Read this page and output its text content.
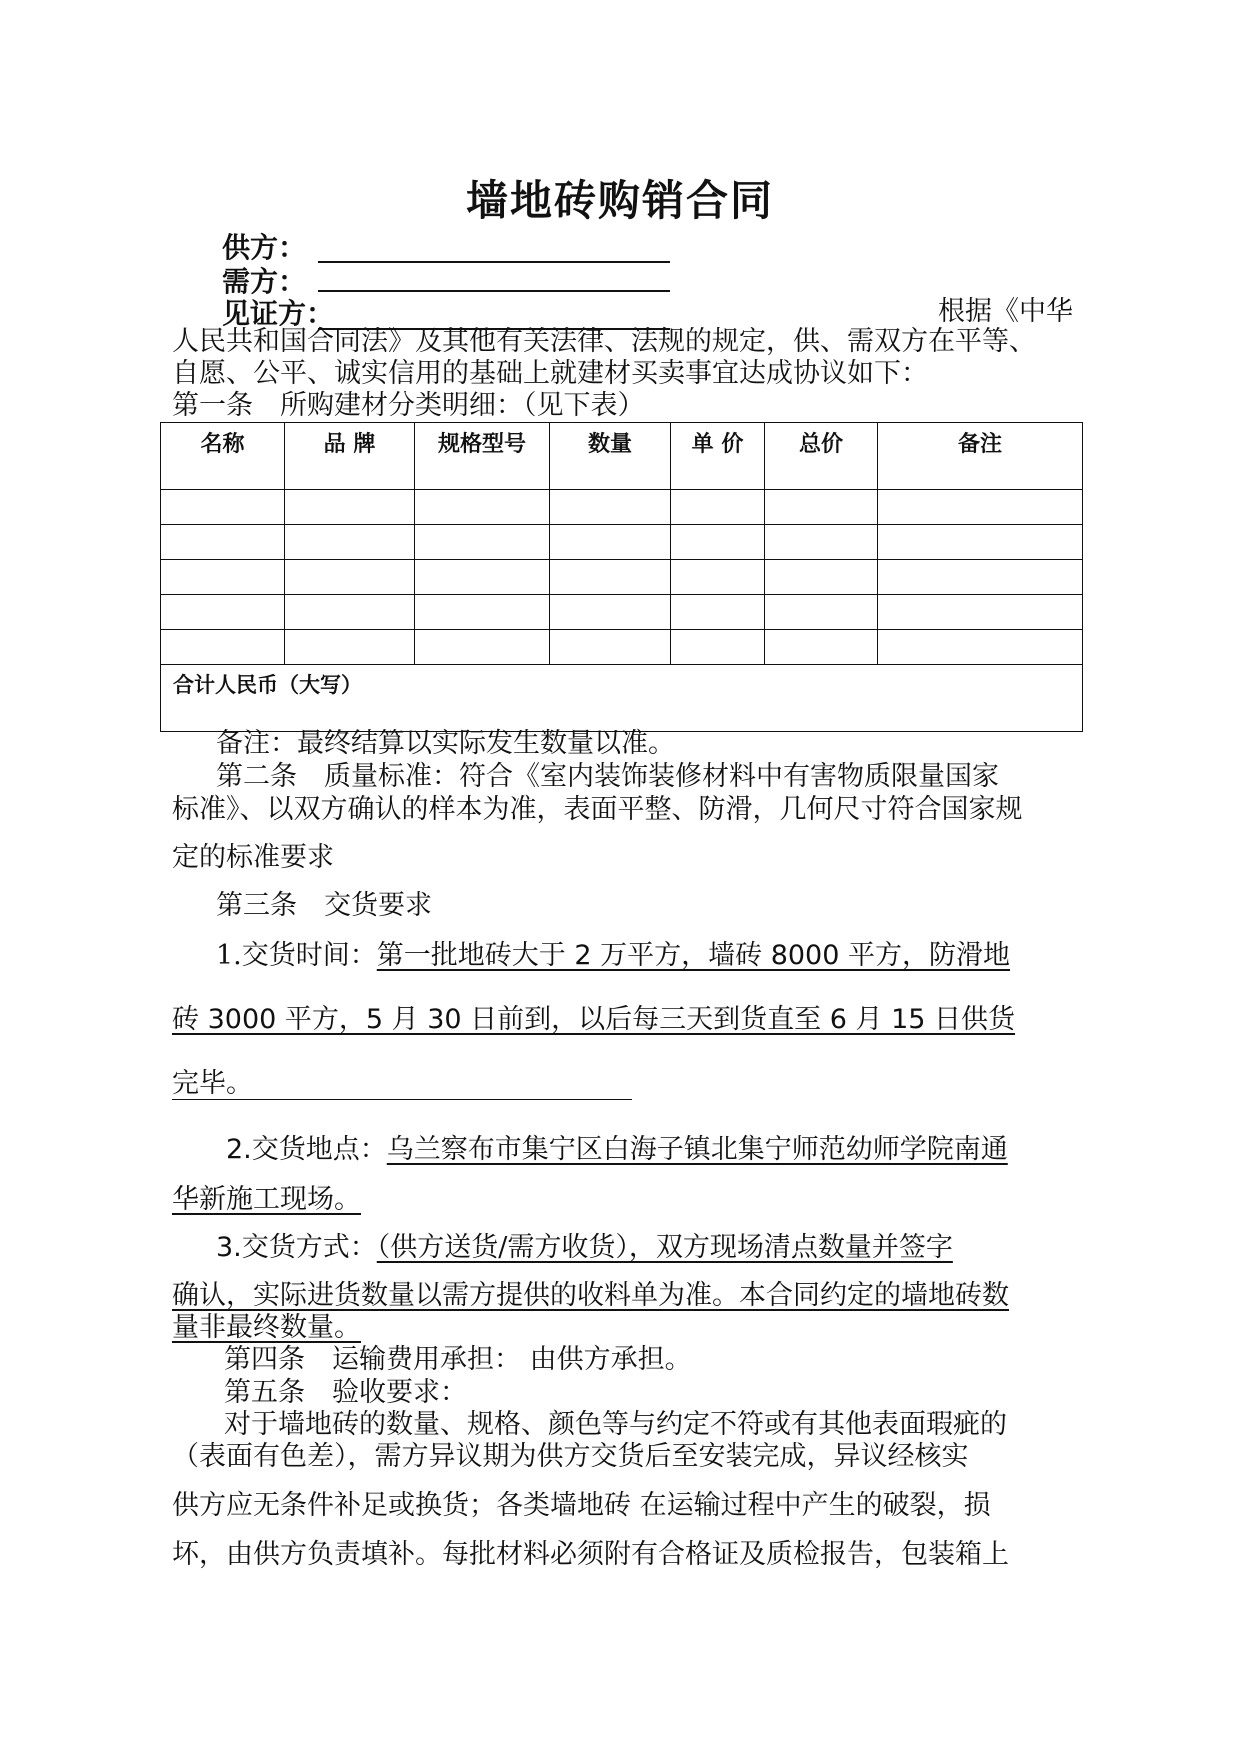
墙地砖购销合同
供方：
需方：
见证方：	根据《中华
人民共和国合同法》及其他有关法律、法规的规定，供、需双方在平等、
自愿、公平、诚实信用的基础上就建材买卖事宜达成协议如下：
第一条　所购建材分类明细：（见下表）
名称	品 牌	规格型号	数量	单 价	总价	备注

合计人民币（大写）						
备注：最终结算以实际发生数量以准。
第二条　质量标准：符合《室内装饰装修材料中有害物质限量国家
标准》、以双方确认的样本为准，表面平整、防滑，几何尺寸符合国家规
定的标准要求
第三条　交货要求
1.交货时间：第一批地砖大于 2 万平方，墙砖 8000 平方，防滑地
砖 3000 平方，5 月 30 日前到，以后每三天到货直至 6 月 15 日供货
完毕。
2.交货地点：乌兰察布市集宁区白海子镇北集宁师范幼师学院南通
华新施工现场。
3.交货方式：（供方送货/需方收货），双方现场清点数量并签字
确认，实际进货数量以需方提供的收料单为准。本合同约定的墙地砖数
量非最终数量。
第四条　运输费用承担： 由供方承担。
第五条　验收要求：
对于墙地砖的数量、规格、颜色等与约定不符或有其他表面瑕疵的
（表面有色差），需方异议期为供方交货后至安装完成，异议经核实
供方应无条件补足或换货；各类墙地砖 在运输过程中产生的破裂，损
坏，由供方负责填补。每批材料必须附有合格证及质检报告，包装箱上
